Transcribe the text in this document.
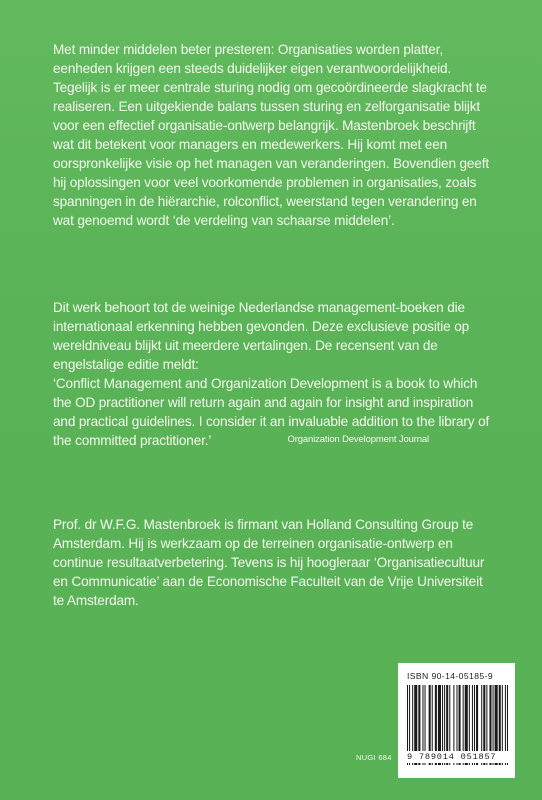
Met minder middelen beter presteren: Organisaties worden platter, eenheden krijgen een steeds duidelijker eigen verantwoordelijkheid. Tegelijk is er meer centrale sturing nodig om gecoördineerde slagkracht te realiseren. Een uitgekiende balans tussen sturing en zelforganisatie blijkt voor een effectief organisatie-ontwerp belangrijk. Mastenbroek beschrijft wat dit betekent voor managers en medewerkers. Hij komt met een oorspronkelijke visie op het managen van veranderingen. Bovendien geeft hij oplossingen voor veel voorkomende problemen in organisaties, zoals spanningen in de hiërarchie, rolconflict, weerstand tegen verandering en wat genoemd wordt ‘de verdeling van schaarse middelen’.

Dit werk behoort tot de weinige Nederlandse management-boeken die internationaal erkenning hebben gevonden. Deze exclusieve positie op wereldniveau blijkt uit meerdere vertalingen. De recensent van de engelstalige editie meldt:

‘Conflict Management and Organization Development is a book to which the OD practitioner will return again and again for insight and inspiration and practical guidelines. I consider it an invaluable addition to the library of the committed practitioner.’	Organization Development Journal

Prof. dr W.F.G. Mastenbroek is firmant van Holland Consulting Group te Amsterdam. Hij is werkzaam op de terreinen organisatie-ontwerp en continue resultaatverbetering. Tevens is hij hoogleraar ‘Organisatiecultuur en Communicatie’ aan de Economische Faculteit van de Vrije Universiteit te Amsterdam.

ISBN 90-14-05185-9
9 789014 051857
NUGI 684
